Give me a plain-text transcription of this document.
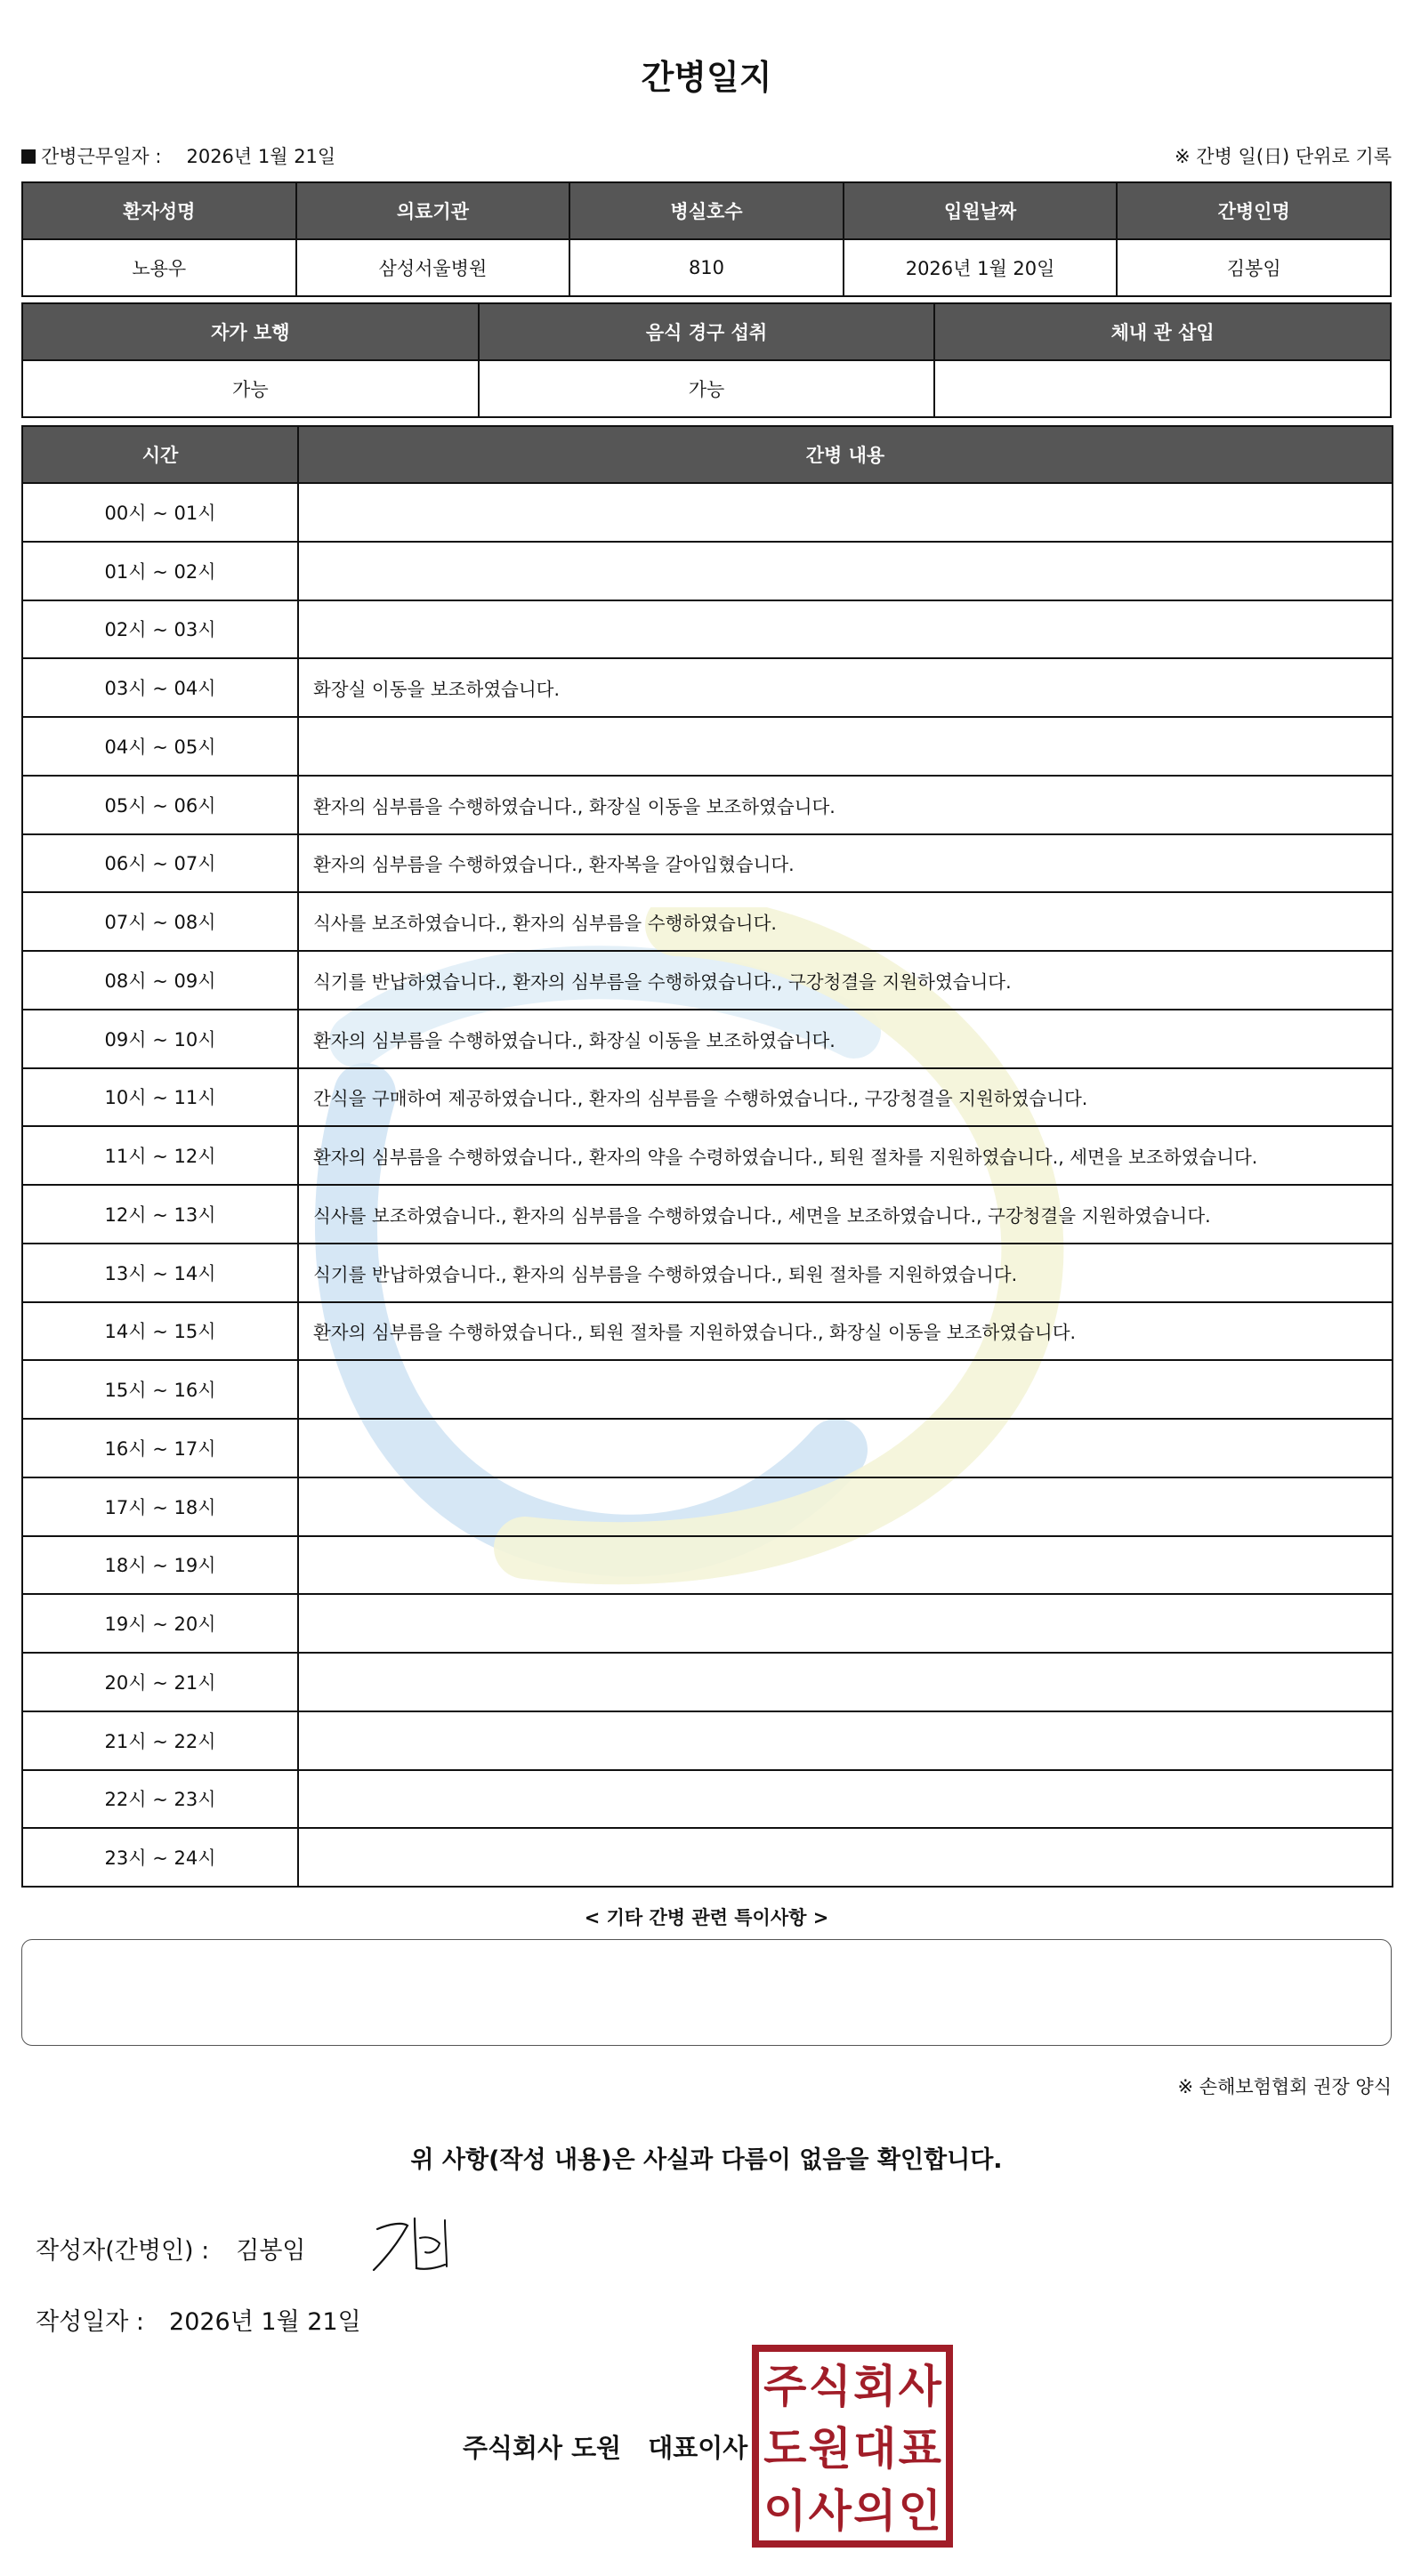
간병일지
간병근무일자 : 2026년 1월 21일	※ 간병 일(日) 단위로 기록
환자성명	의료기관	병실호수	입원날짜	간병인명
노용우	삼성서울병원	810	2026년 1월 20일	김봉임
자가 보행	음식 경구 섭취	체내 관 삽입
가능	가능	
시간	간병 내용
00시 ~ 01시	
01시 ~ 02시	
02시 ~ 03시	
03시 ~ 04시	화장실 이동을 보조하였습니다.
04시 ~ 05시	
05시 ~ 06시	환자의 심부름을 수행하였습니다., 화장실 이동을 보조하였습니다.
06시 ~ 07시	환자의 심부름을 수행하였습니다., 환자복을 갈아입혔습니다.
07시 ~ 08시	식사를 보조하였습니다., 환자의 심부름을 수행하였습니다.
08시 ~ 09시	식기를 반납하였습니다., 환자의 심부름을 수행하였습니다., 구강청결을 지원하였습니다.
09시 ~ 10시	환자의 심부름을 수행하였습니다., 화장실 이동을 보조하였습니다.
10시 ~ 11시	간식을 구매하여 제공하였습니다., 환자의 심부름을 수행하였습니다., 구강청결을 지원하였습니다.
11시 ~ 12시	환자의 심부름을 수행하였습니다., 환자의 약을 수령하였습니다., 퇴원 절차를 지원하였습니다., 세면을 보조하였습니다.
12시 ~ 13시	식사를 보조하였습니다., 환자의 심부름을 수행하였습니다., 세면을 보조하였습니다., 구강청결을 지원하였습니다.
13시 ~ 14시	식기를 반납하였습니다., 환자의 심부름을 수행하였습니다., 퇴원 절차를 지원하였습니다.
14시 ~ 15시	환자의 심부름을 수행하였습니다., 퇴원 절차를 지원하였습니다., 화장실 이동을 보조하였습니다.
15시 ~ 16시	
16시 ~ 17시	
17시 ~ 18시	
18시 ~ 19시	
19시 ~ 20시	
20시 ~ 21시	
21시 ~ 22시	
22시 ~ 23시	
23시 ~ 24시	
< 기타 간병 관련 특이사항 >
※ 손해보험협회 권장 양식
위 사항(작성 내용)은 사실과 다름이 없음을 확인합니다.
작성자(간병인) : 김봉임
작성일자 : 2026년 1월 21일
주식회사 도원 대표이사
주 식 회 사
도 원 대 표
이 사 의 인
